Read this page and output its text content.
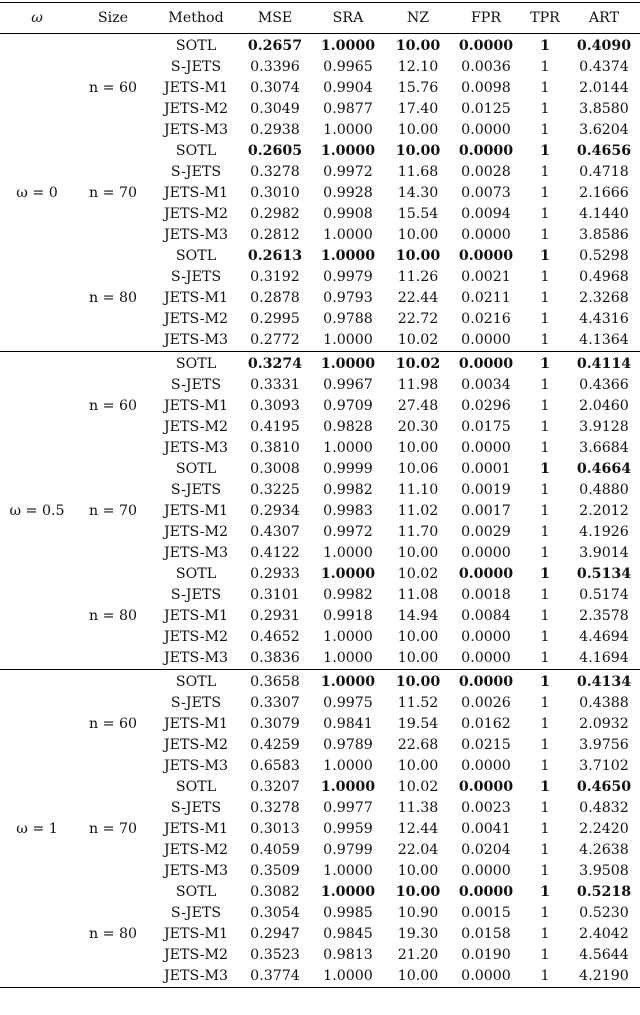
ω	Size	Method	MSE	SRA	NZ	FPR	TPR	ART
ω = 0	n = 60	SOTL	0.2657	1.0000	10.00	0.0000	1	0.4090
		S-JETS	0.3396	0.9965	12.10	0.0036	1	0.4374
		JETS-M1	0.3074	0.9904	15.76	0.0098	1	2.0144
		JETS-M2	0.3049	0.9877	17.40	0.0125	1	3.8580
		JETS-M3	0.2938	1.0000	10.00	0.0000	1	3.6204
	n = 70	SOTL	0.2605	1.0000	10.00	0.0000	1	0.4656
		S-JETS	0.3278	0.9972	11.68	0.0028	1	0.4718
		JETS-M1	0.3010	0.9928	14.30	0.0073	1	2.1666
		JETS-M2	0.2982	0.9908	15.54	0.0094	1	4.1440
		JETS-M3	0.2812	1.0000	10.00	0.0000	1	3.8586
	n = 80	SOTL	0.2613	1.0000	10.00	0.0000	1	0.5298
		S-JETS	0.3192	0.9979	11.26	0.0021	1	0.4968
		JETS-M1	0.2878	0.9793	22.44	0.0211	1	2.3268
		JETS-M2	0.2995	0.9788	22.72	0.0216	1	4.4316
		JETS-M3	0.2772	1.0000	10.02	0.0000	1	4.1364
ω = 0.5	n = 60	SOTL	0.3274	1.0000	10.02	0.0000	1	0.4114
		S-JETS	0.3331	0.9967	11.98	0.0034	1	0.4366
		JETS-M1	0.3093	0.9709	27.48	0.0296	1	2.0460
		JETS-M2	0.4195	0.9828	20.30	0.0175	1	3.9128
		JETS-M3	0.3810	1.0000	10.00	0.0000	1	3.6684
	n = 70	SOTL	0.3008	0.9999	10.06	0.0001	1	0.4664
		S-JETS	0.3225	0.9982	11.10	0.0019	1	0.4880
		JETS-M1	0.2934	0.9983	11.02	0.0017	1	2.2012
		JETS-M2	0.4307	0.9972	11.70	0.0029	1	4.1926
		JETS-M3	0.4122	1.0000	10.00	0.0000	1	3.9014
	n = 80	SOTL	0.2933	1.0000	10.02	0.0000	1	0.5134
		S-JETS	0.3101	0.9982	11.08	0.0018	1	0.5174
		JETS-M1	0.2931	0.9918	14.94	0.0084	1	2.3578
		JETS-M2	0.4652	1.0000	10.00	0.0000	1	4.4694
		JETS-M3	0.3836	1.0000	10.00	0.0000	1	4.1694
ω = 1	n = 60	SOTL	0.3658	1.0000	10.00	0.0000	1	0.4134
		S-JETS	0.3307	0.9975	11.52	0.0026	1	0.4388
		JETS-M1	0.3079	0.9841	19.54	0.0162	1	2.0932
		JETS-M2	0.4259	0.9789	22.68	0.0215	1	3.9756
		JETS-M3	0.6583	1.0000	10.00	0.0000	1	3.7102
	n = 70	SOTL	0.3207	1.0000	10.02	0.0000	1	0.4650
		S-JETS	0.3278	0.9977	11.38	0.0023	1	0.4832
		JETS-M1	0.3013	0.9959	12.44	0.0041	1	2.2420
		JETS-M2	0.4059	0.9799	22.04	0.0204	1	4.2638
		JETS-M3	0.3509	1.0000	10.00	0.0000	1	3.9508
	n = 80	SOTL	0.3082	1.0000	10.00	0.0000	1	0.5218
		S-JETS	0.3054	0.9985	10.90	0.0015	1	0.5230
		JETS-M1	0.2947	0.9845	19.30	0.0158	1	2.4042
		JETS-M2	0.3523	0.9813	21.20	0.0190	1	4.5644
		JETS-M3	0.3774	1.0000	10.00	0.0000	1	4.2190
